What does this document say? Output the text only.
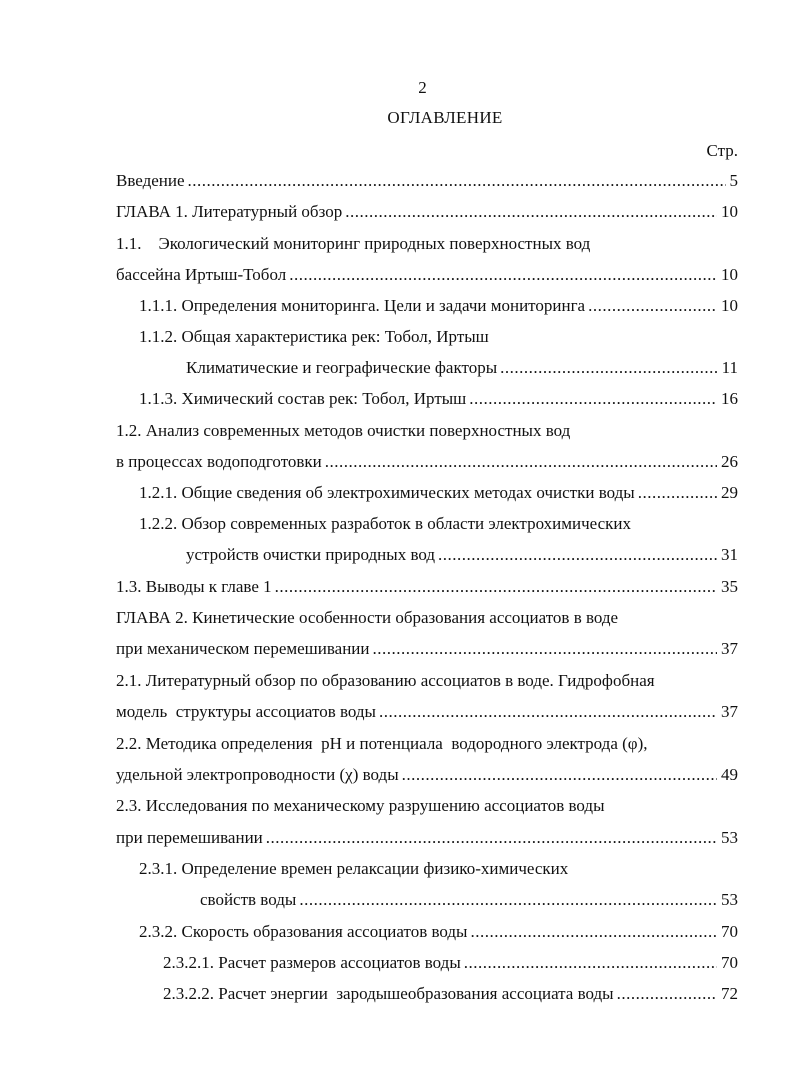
2
ОГЛАВЛЕНИЕ
Стр.
Введение .....	5
ГЛАВА 1. Литературный обзор .....	10
1.1.    Экологический мониторинг природных поверхностных вод
бассейна Иртыш-Тобол .....	10
1.1.1. Определения мониторинга. Цели и задачи мониторинга .....	10
1.1.2. Общая характеристика рек: Тобол, Иртыш
Климатические и географические факторы .....	11
1.1.3. Химический состав рек: Тобол, Иртыш .....	16
1.2. Анализ современных методов очистки поверхностных вод
в процессах водоподготовки .....	26
1.2.1. Общие сведения об электрохимических методах очистки воды .....	29
1.2.2. Обзор современных разработок в области электрохимических
устройств очистки природных вод .....	31
1.3. Выводы к главе 1 .....	35
ГЛАВА 2. Кинетические особенности образования ассоциатов в воде
при механическом перемешивании .....	37
2.1. Литературный обзор по образованию ассоциатов в воде. Гидрофобная
модель  структуры ассоциатов воды .....	37
2.2. Методика определения  pH и потенциала  водородного электрода (φ),
удельной электропроводности (χ) воды .....	49
2.3. Исследования по механическому разрушению ассоциатов воды
при перемешивании .....	53
2.3.1. Определение времен релаксации физико-химических
свойств воды .....	53
2.3.2. Скорость образования ассоциатов воды .....	70
2.3.2.1. Расчет размеров ассоциатов воды .....	70
2.3.2.2. Расчет энергии  зародышеобразования ассоциата воды .....	72
